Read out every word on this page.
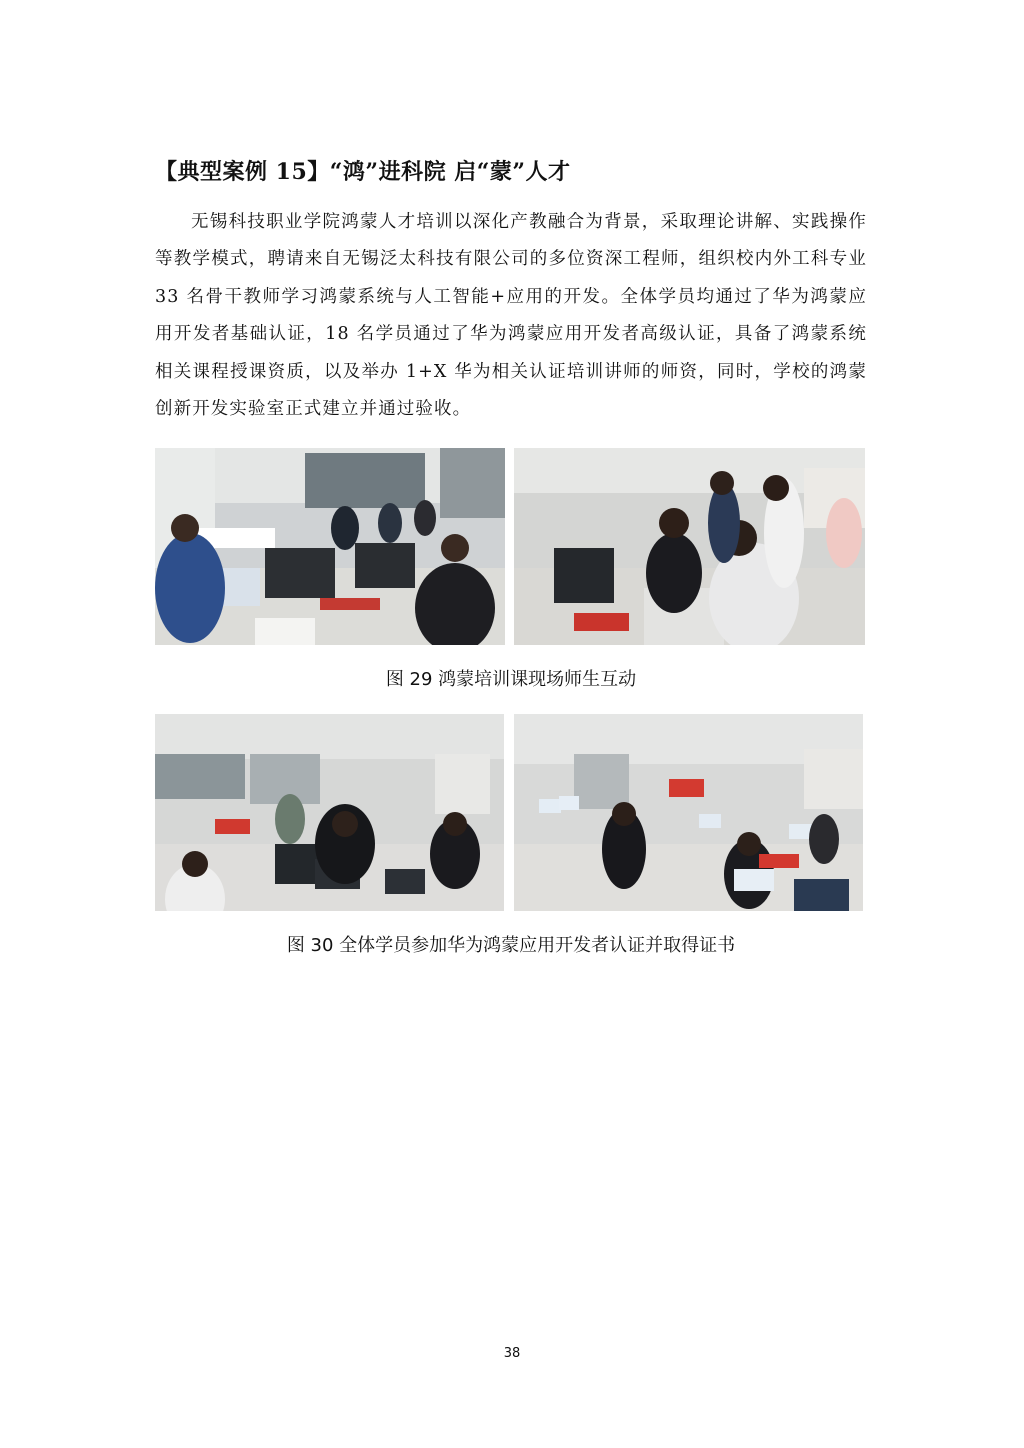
【典型案例 15】“鸿”进科院 启“蒙”人才
无锡科技职业学院鸿蒙人才培训以深化产教融合为背景，采取理论讲解、实践操作等教学模式，聘请来自无锡泛太科技有限公司的多位资深工程师，组织校内外工科专业 33 名骨干教师学习鸿蒙系统与人工智能+应用的开发。全体学员均通过了华为鸿蒙应用开发者基础认证，18 名学员通过了华为鸿蒙应用开发者高级认证，具备了鸿蒙系统相关课程授课资质，以及举办 1+X 华为相关认证培训讲师的师资，同时，学校的鸿蒙创新开发实验室正式建立并通过验收。
图 29 鸿蒙培训课现场师生互动
图 30 全体学员参加华为鸿蒙应用开发者认证并取得证书
38
